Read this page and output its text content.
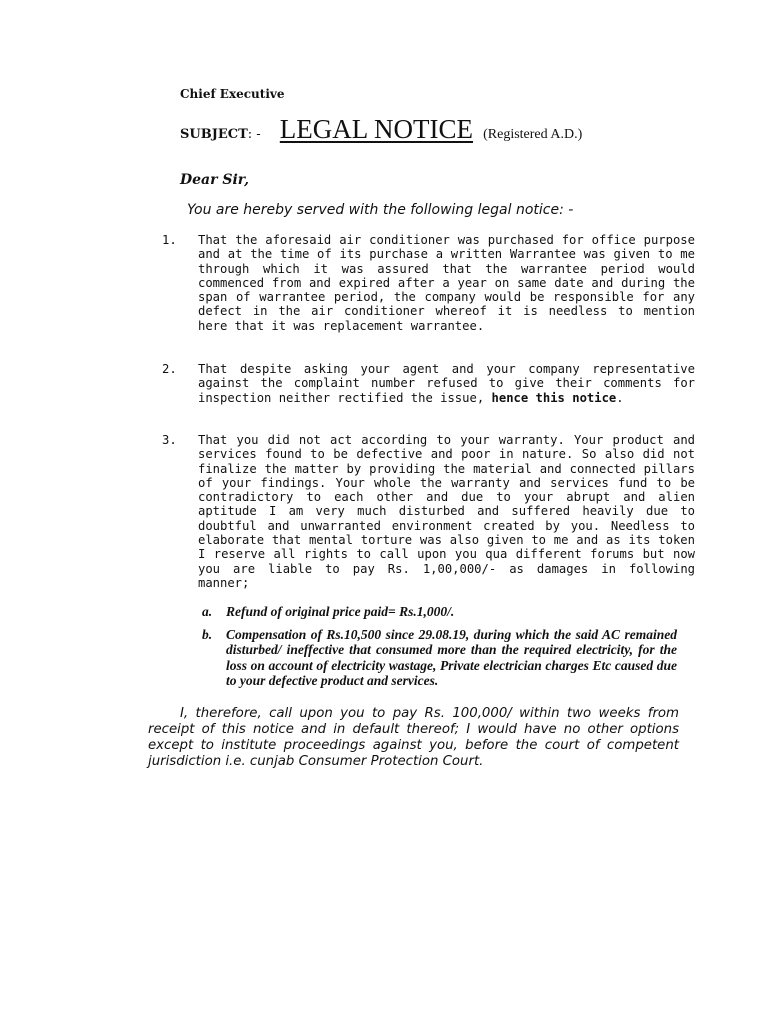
Chief Executive
SUBJECT: - LEGAL NOTICE (Registered A.D.)
Dear Sir,
You are hereby served with the following legal notice: -

1. That the aforesaid air conditioner was purchased for office purpose and at the time of its purchase a written Warrantee was given to me through which it was assured that the warrantee period would commenced from and expired after a year on same date and during the span of warrantee period, the company would be responsible for any defect in the air conditioner whereof it is needless to mention here that it was replacement warrantee.

2. That despite asking your agent and your company representative against the complaint number refused to give their comments for inspection neither rectified the issue, hence this notice.

3. That you did not act according to your warranty. Your product and services found to be defective and poor in nature. So also did not finalize the matter by providing the material and connected pillars of your findings. Your whole the warranty and services fund to be contradictory to each other and due to your abrupt and alien aptitude I am very much disturbed and suffered heavily due to doubtful and unwarranted environment created by you. Needless to elaborate that mental torture was also given to me and as its token I reserve all rights to call upon you qua different forums but now you are liable to pay Rs. 1,00,000/- as damages in following manner;

a. Refund of original price paid= Rs.1,000/.
b. Compensation of Rs.10,500 since 29.08.19, during which the said AC remained disturbed/ ineffective that consumed more than the required electricity, for the loss on account of electricity wastage, Private electrician charges Etc caused due to your defective product and services.

I, therefore, call upon you to pay Rs. 100,000/ within two weeks from receipt of this notice and in default thereof; I would have no other options except to institute proceedings against you, before the court of competent jurisdiction i.e. cunjab Consumer Protection Court.
